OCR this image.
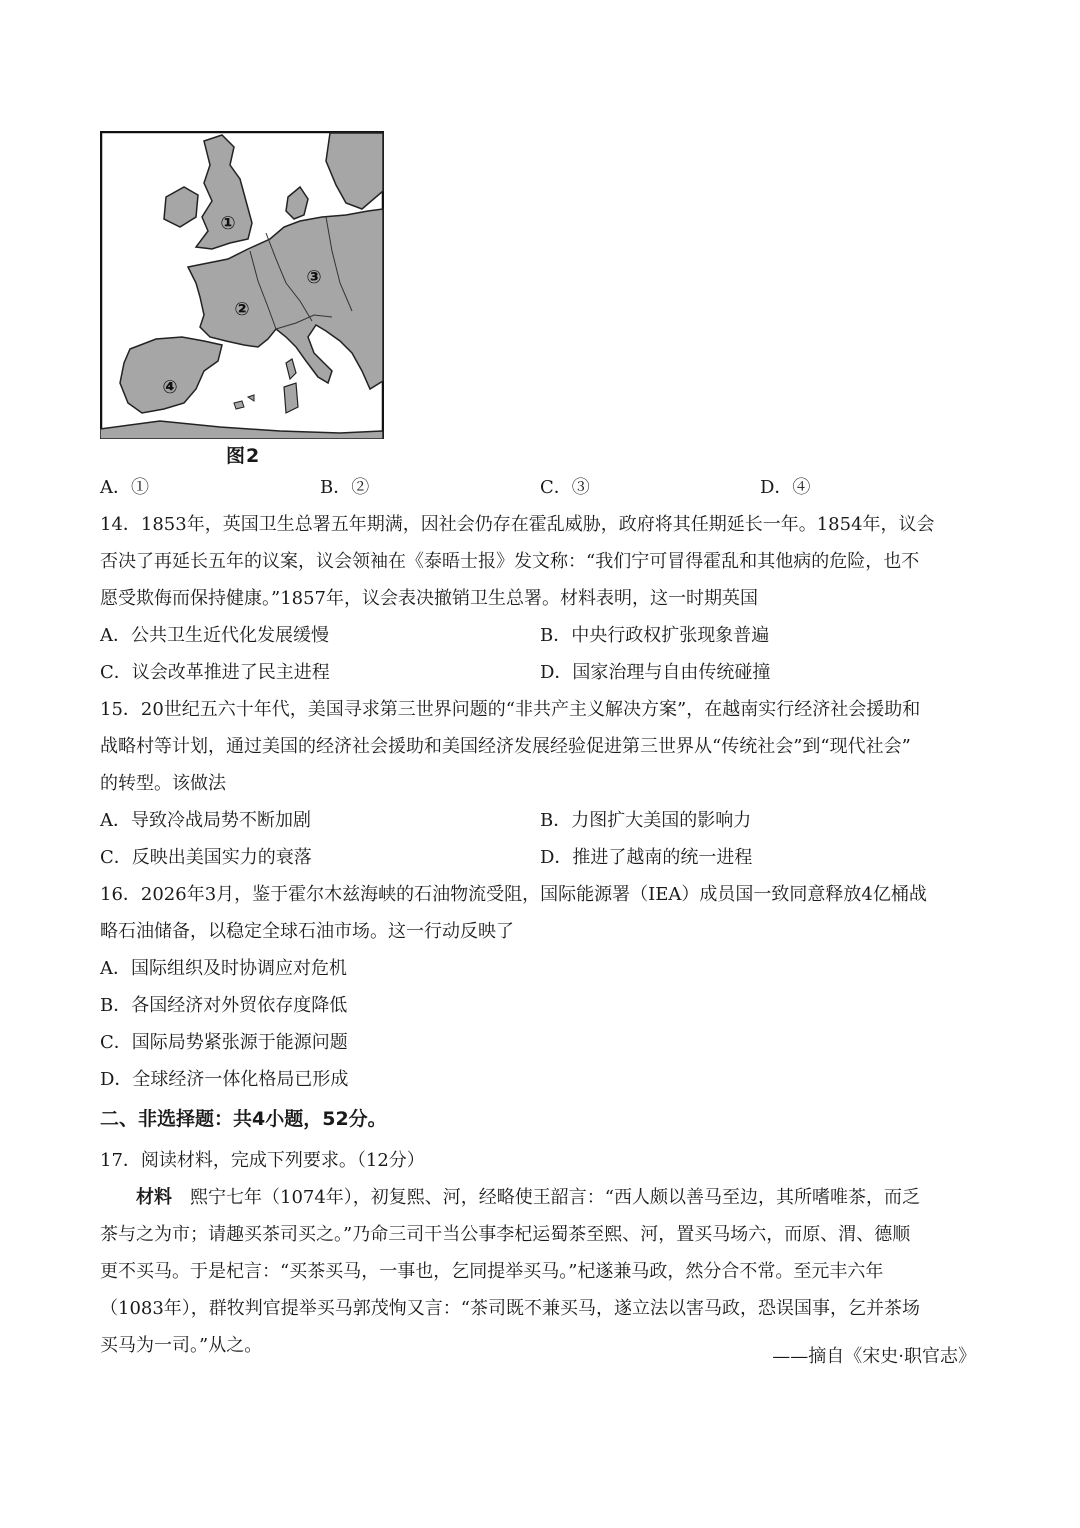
①
②
③
④
图2
A．①	B．②	C．③	D．④
14．1853年，英国卫生总署五年期满，因社会仍存在霍乱威胁，政府将其任期延长一年。1854年，议会
否决了再延长五年的议案，议会领袖在《泰晤士报》发文称：“我们宁可冒得霍乱和其他病的危险，也不
愿受欺侮而保持健康。”1857年，议会表决撤销卫生总署。材料表明，这一时期英国
A．公共卫生近代化发展缓慢	B．中央行政权扩张现象普遍
C．议会改革推进了民主进程	D．国家治理与自由传统碰撞
15．20世纪五六十年代，美国寻求第三世界问题的“非共产主义解决方案”，在越南实行经济社会援助和
战略村等计划，通过美国的经济社会援助和美国经济发展经验促进第三世界从“传统社会”到“现代社会”
的转型。该做法
A．导致冷战局势不断加剧	B．力图扩大美国的影响力
C．反映出美国实力的衰落	D．推进了越南的统一进程
16．2026年3月，鉴于霍尔木兹海峡的石油物流受阻，国际能源署（IEA）成员国一致同意释放4亿桶战
略石油储备，以稳定全球石油市场。这一行动反映了
A．国际组织及时协调应对危机
B．各国经济对外贸依存度降低
C．国际局势紧张源于能源问题
D．全球经济一体化格局已形成
二、非选择题：共4小题，52分。
17．阅读材料，完成下列要求。（12分）
材料 熙宁七年（1074年），初复熙、河，经略使王韶言：“西人颇以善马至边，其所嗜唯茶，而乏
茶与之为市；请趣买茶司买之。”乃命三司干当公事李杞运蜀茶至熙、河，置买马场六，而原、渭、德顺
更不买马。于是杞言：“买茶买马，一事也，乞同提举买马。”杞遂兼马政，然分合不常。至元丰六年
（1083年），群牧判官提举买马郭茂恂又言：“茶司既不兼买马，遂立法以害马政，恐误国事，乞并茶场
买马为一司。”从之。
——摘自《宋史·职官志》
